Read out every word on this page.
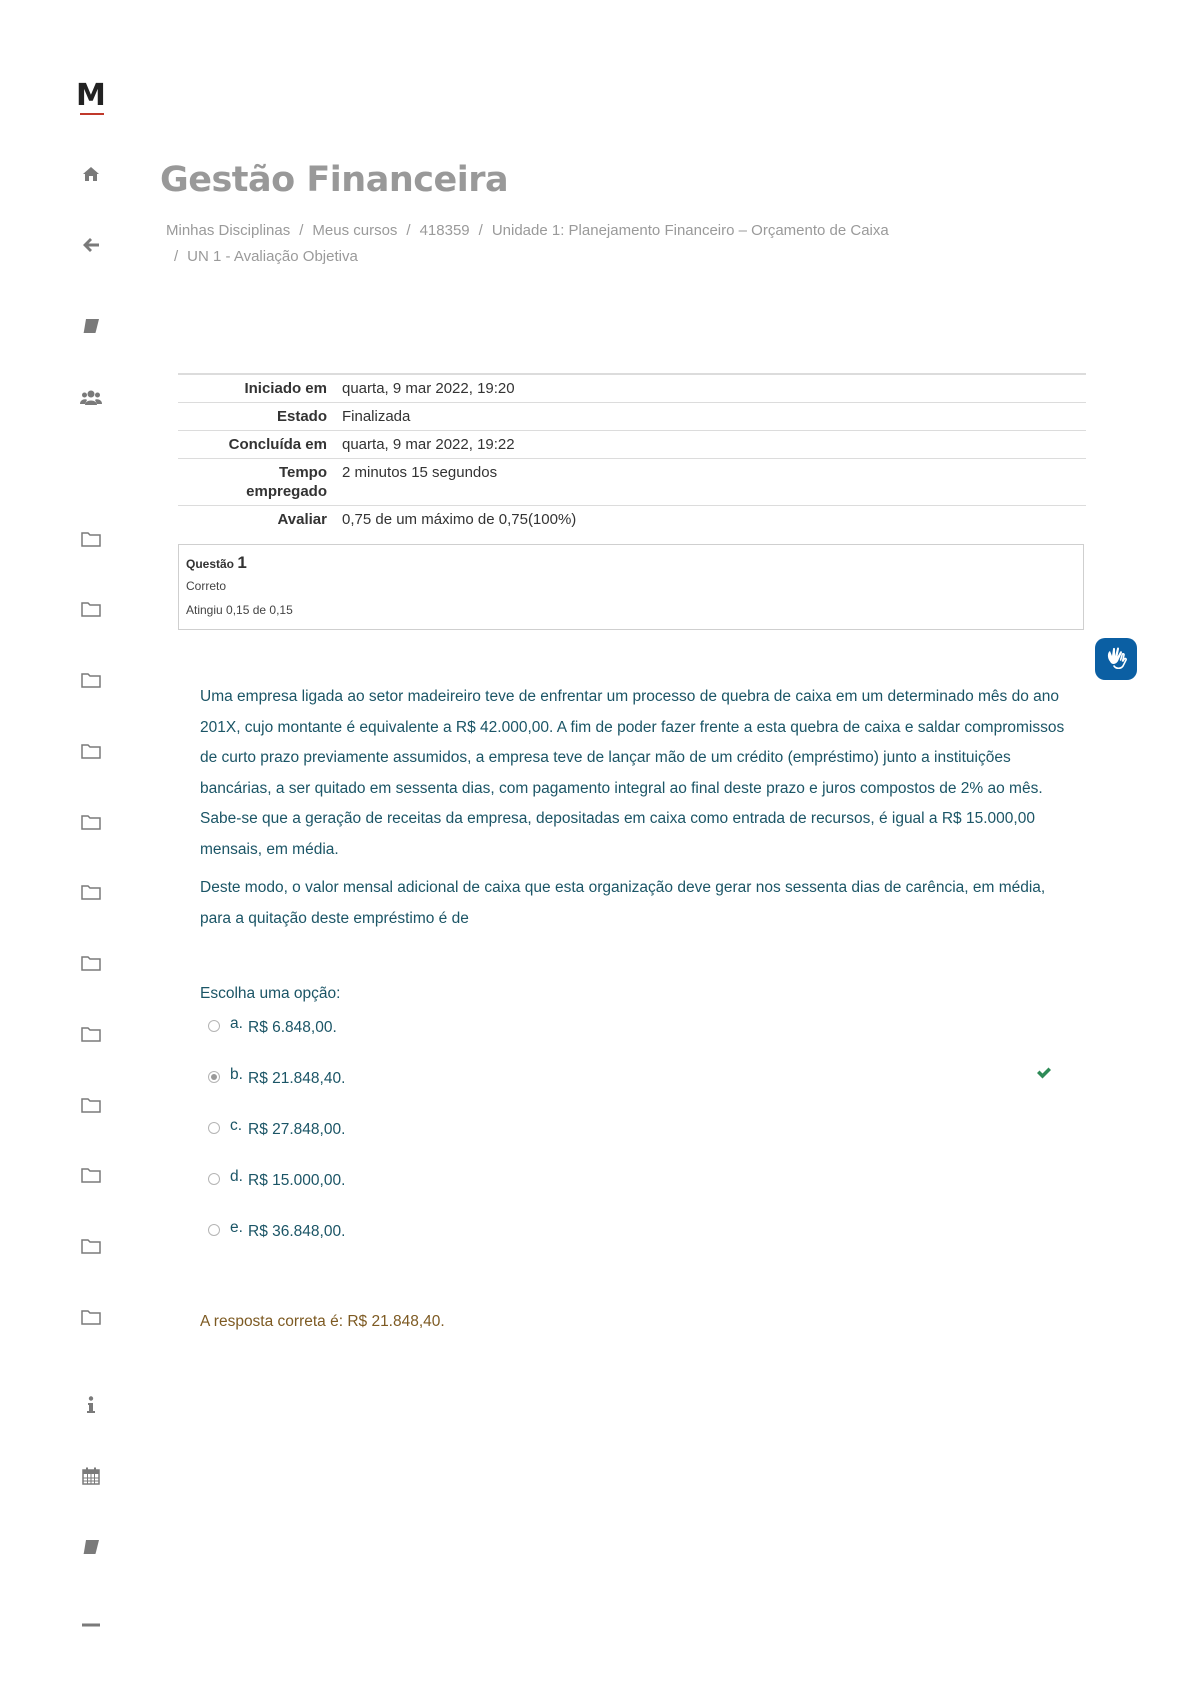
M
Gestão Financeira
Minhas Disciplinas / Meus cursos / 418359 / Unidade 1: Planejamento Financeiro – Orçamento de Caixa
/ UN 1 - Avaliação Objetiva
Iniciado em	quarta, 9 mar 2022, 19:20
Estado	Finalizada
Concluída em	quarta, 9 mar 2022, 19:22
Tempo
empregado	2 minutos 15 segundos
Avaliar	0,75 de um máximo de 0,75(100%)
Questão 1
Correto
Atingiu 0,15 de 0,15

Uma empresa ligada ao setor madeireiro teve de enfrentar um processo de quebra de caixa em um determinado mês do ano 201X, cujo montante é equivalente a R$ 42.000,00. A fim de poder fazer frente a esta quebra de caixa e saldar compromissos de curto prazo previamente assumidos, a empresa teve de lançar mão de um crédito (empréstimo) junto a instituições bancárias, a ser quitado em sessenta dias, com pagamento integral ao final deste prazo e juros compostos de 2% ao mês. Sabe-se que a geração de receitas da empresa, depositadas em caixa como entrada de recursos, é igual a R$ 15.000,00 mensais, em média.

Deste modo, o valor mensal adicional de caixa que esta organização deve gerar nos sessenta dias de carência, em média, para a quitação deste empréstimo é de

Escolha uma opção:
a. R$ 6.848,00.
b. R$ 21.848,40.
c. R$ 27.848,00.
d. R$ 15.000,00.
e. R$ 36.848,00.
A resposta correta é: R$ 21.848,40.
